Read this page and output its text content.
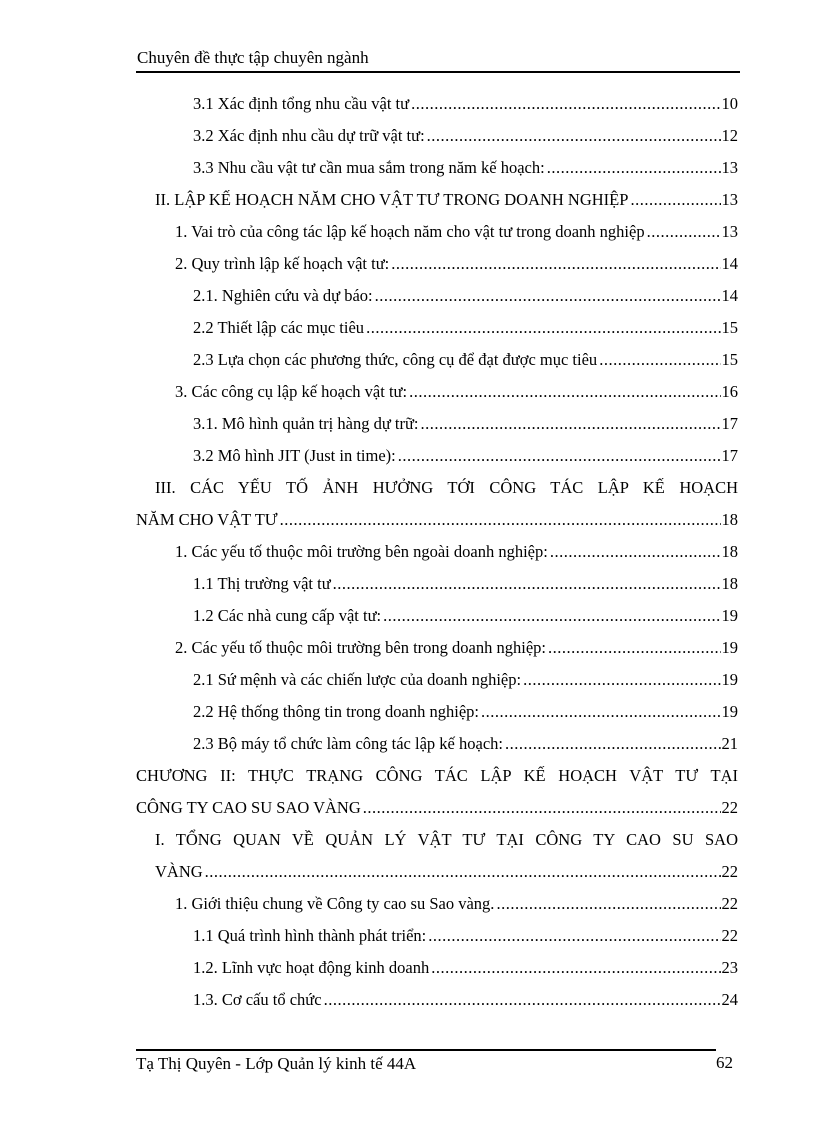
Chuyên đề thực tập chuyên ngành
3.1 Xác định tổng nhu cầu vật tư .....	10
3.2 Xác định nhu cầu dự trữ vật tư: .....	12
3.3 Nhu cầu vật tư cần mua sắm trong năm kế hoạch: .....	13
II. LẬP KẾ HOẠCH NĂM CHO VẬT TƯ TRONG DOANH NGHIỆP .....	13
1. Vai trò của công tác lập kế hoạch năm cho vật tư trong doanh nghiệp .....	13
2. Quy trình lập kế hoạch vật tư: .....	14
2.1. Nghiên cứu và dự báo: .....	14
2.2 Thiết lập các mục tiêu .....	15
2.3 Lựa chọn các phương thức, công cụ để đạt được mục tiêu .....	15
3. Các công cụ lập kế hoạch vật tư: .....	16
3.1. Mô hình quản trị hàng dự trữ: .....	17
3.2 Mô hình JIT (Just in time): .....	17
III. CÁC YẾU TỐ ẢNH HƯỞNG TỚI CÔNG TÁC LẬP KẾ HOẠCH
NĂM CHO VẬT TƯ .....	18
1. Các yếu tố thuộc môi trường bên ngoài doanh nghiệp: .....	18
1.1 Thị trường vật tư .....	18
1.2 Các nhà cung cấp vật tư: .....	19
2. Các yếu tố thuộc môi trường bên trong doanh nghiệp: .....	19
2.1 Sứ mệnh và các chiến lược của doanh nghiệp: .....	19
2.2 Hệ thống thông tin trong doanh nghiệp: .....	19
2.3 Bộ máy tổ chức làm công tác lập kế hoạch: .....	21
CHƯƠNG II: THỰC TRẠNG CÔNG TÁC LẬP KẾ HOẠCH VẬT TƯ TẠI
CÔNG TY CAO SU SAO VÀNG .....	22
I. TỔNG QUAN VỀ QUẢN LÝ VẬT TƯ TẠI CÔNG TY CAO SU SAO
VÀNG .....	22
1. Giới thiệu chung về Công ty cao su Sao vàng. .....	22
1.1 Quá trình hình thành phát triển: .....	22
1.2. Lĩnh vực hoạt động kinh doanh .....	23
1.3. Cơ cấu tổ chức .....	24
Tạ Thị Quyên - Lớp Quản lý kinh tế 44A	62
